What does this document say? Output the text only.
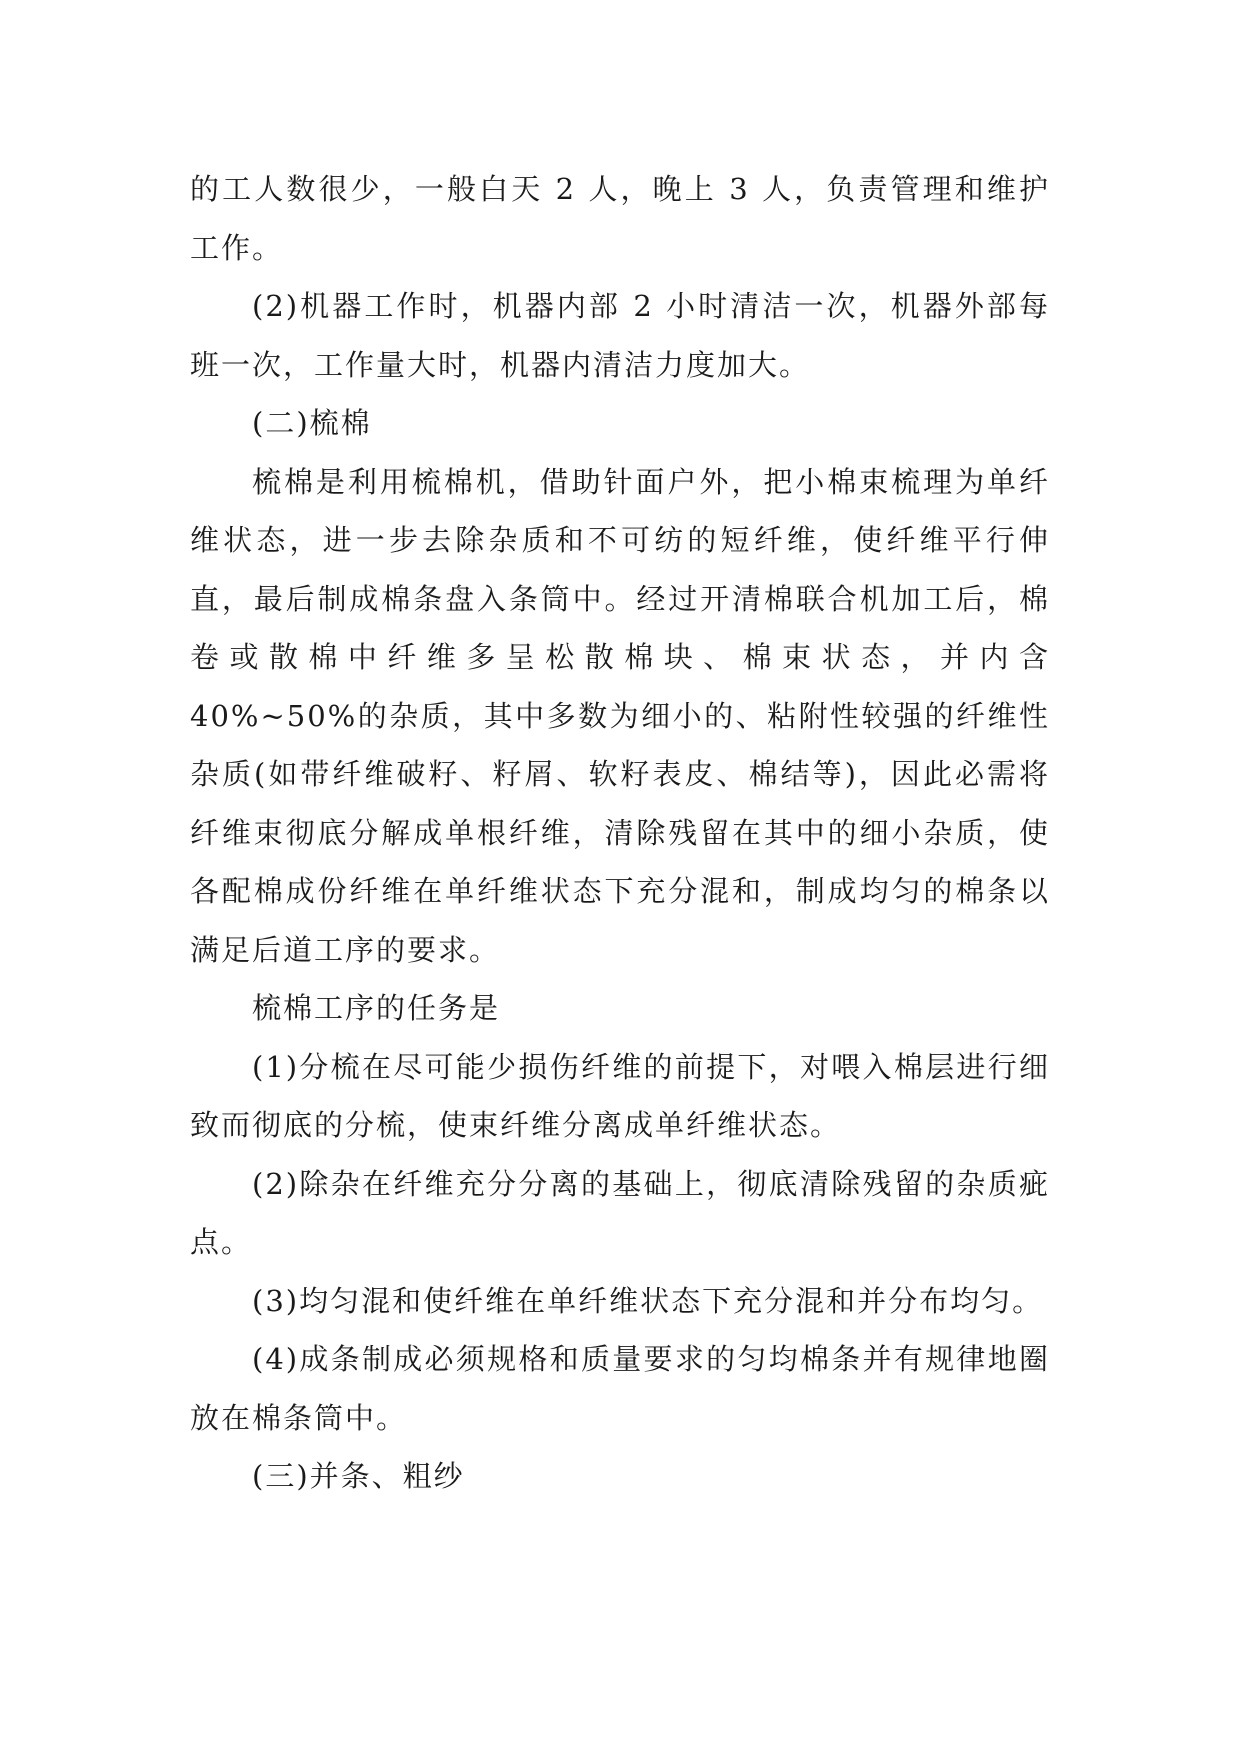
的工人数很少，一般白天 2 人，晚上 3 人，负责管理和维护工作。

(2)机器工作时，机器内部 2 小时清洁一次，机器外部每班一次，工作量大时，机器内清洁力度加大。

(二)梳棉

梳棉是利用梳棉机，借助针面户外，把小棉束梳理为单纤维状态，进一步去除杂质和不可纺的短纤维，使纤维平行伸直，最后制成棉条盘入条筒中。经过开清棉联合机加工后，棉卷或散棉中纤维多呈松散棉块、棉束状态，并内含 40%~50%的杂质，其中多数为细小的、粘附性较强的纤维性杂质(如带纤维破籽、籽屑、软籽表皮、棉结等)，因此必需将纤维束彻底分解成单根纤维，清除残留在其中的细小杂质，使各配棉成份纤维在单纤维状态下充分混和，制成均匀的棉条以满足后道工序的要求。

梳棉工序的任务是

(1)分梳在尽可能少损伤纤维的前提下，对喂入棉层进行细致而彻底的分梳，使束纤维分离成单纤维状态。

(2)除杂在纤维充分分离的基础上，彻底清除残留的杂质疵点。

(3)均匀混和使纤维在单纤维状态下充分混和并分布均匀。

(4)成条制成必须规格和质量要求的匀均棉条并有规律地圈放在棉条筒中。

(三)并条、粗纱
